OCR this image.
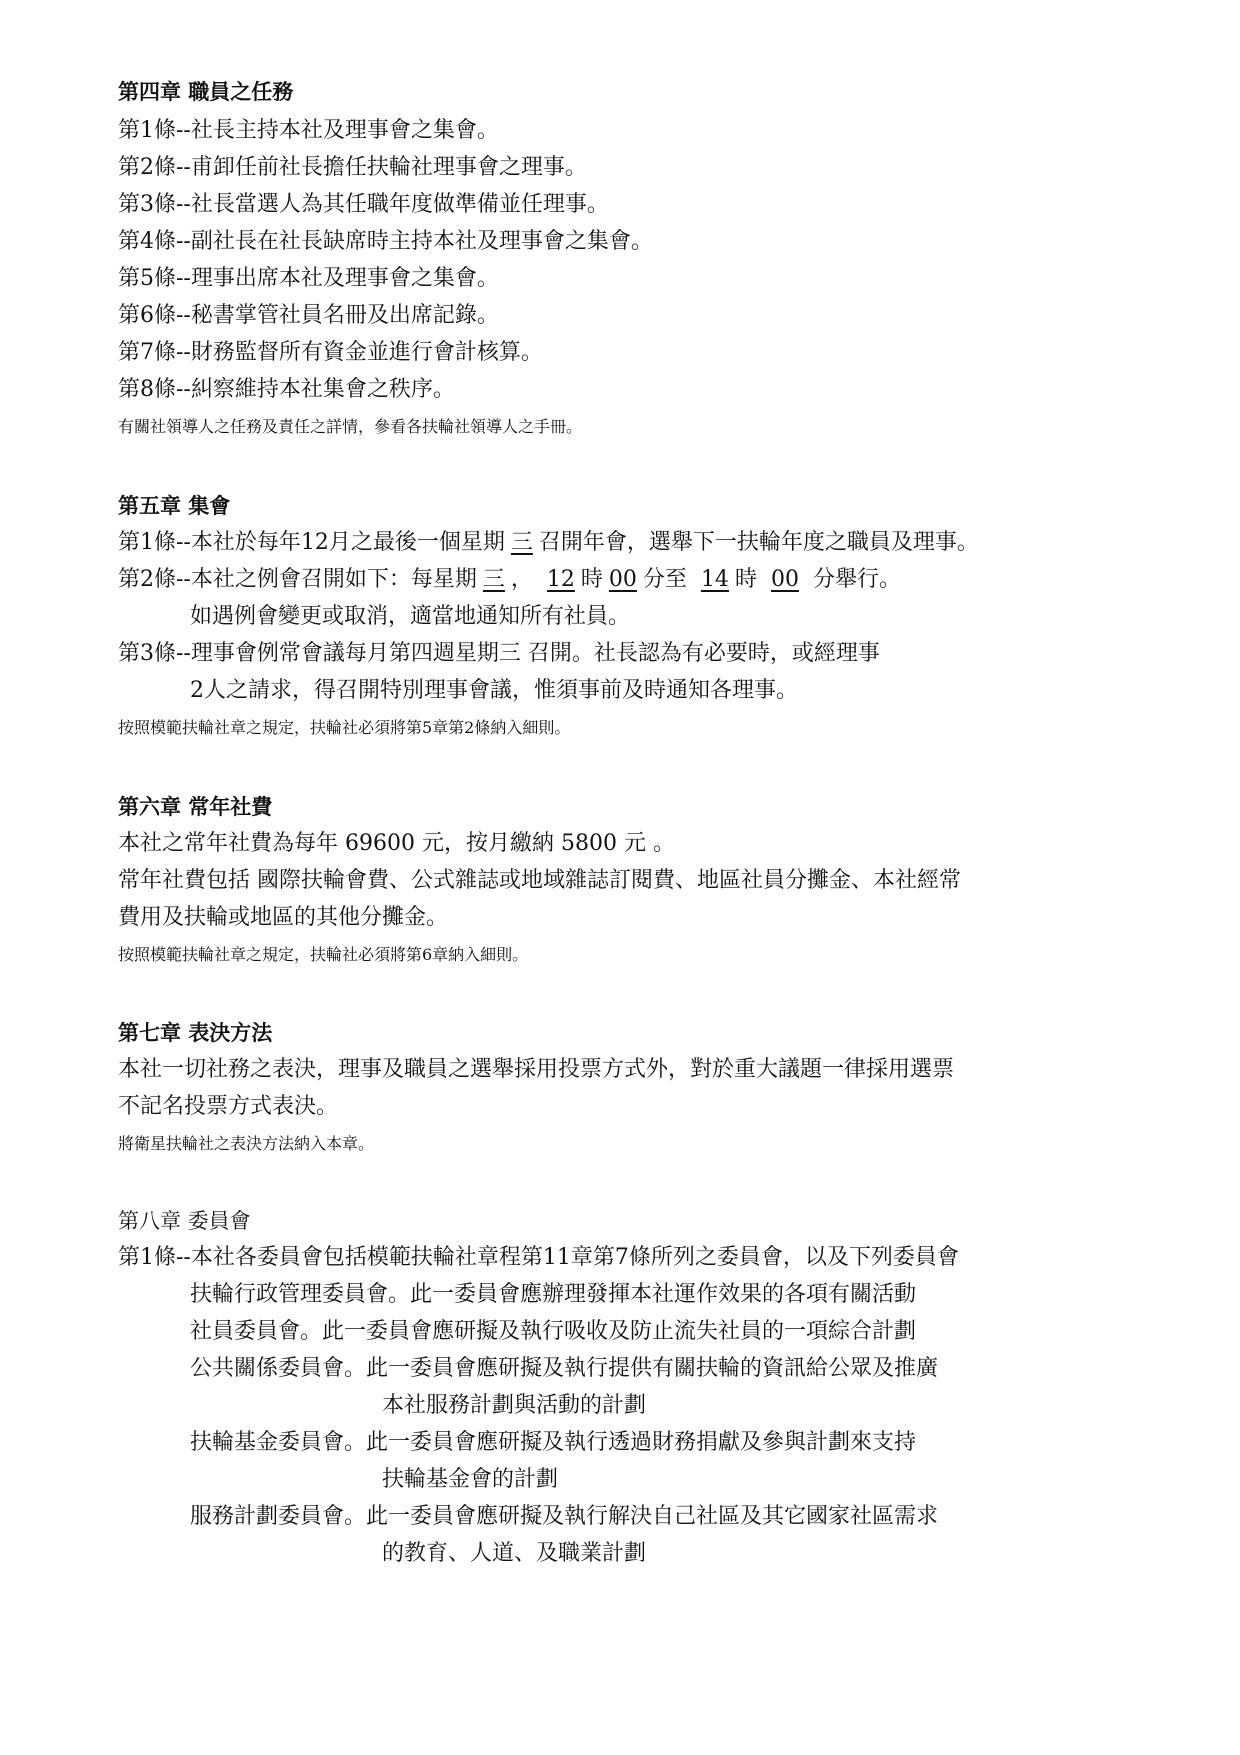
第四章 職員之任務
第1條--社長主持本社及理事會之集會。
第2條--甫卸任前社長擔任扶輪社理事會之理事。
第3條--社長當選人為其任職年度做準備並任理事。
第4條--副社長在社長缺席時主持本社及理事會之集會。
第5條--理事出席本社及理事會之集會。
第6條--秘書掌管社員名冊及出席記錄。
第7條--財務監督所有資金並進行會計核算。
第8條--糾察維持本社集會之秩序。
有關社領導人之任務及責任之詳情，參看各扶輪社領導人之手冊。
第五章 集會
第1條--本社於每年12月之最後一個星期 三 召開年會，選舉下一扶輪年度之職員及理事。
第2條--本社之例會召開如下：每星期 三 ， 12 時 00 分至 14 時 00 分舉行。
如遇例會變更或取消，適當地通知所有社員。
第3條--理事會例常會議每月第四週星期三 召開。社長認為有必要時，或經理事
2人之請求，得召開特別理事會議，惟須事前及時通知各理事。
按照模範扶輪社章之規定，扶輪社必須將第5章第2條納入細則。
第六章 常年社費
本社之常年社費為每年 69600 元，按月繳納 5800 元 。
常年社費包括 國際扶輪會費、公式雜誌或地域雜誌訂閱費、地區社員分攤金、本社經常
費用及扶輪或地區的其他分攤金。
按照模範扶輪社章之規定，扶輪社必須將第6章納入細則。
第七章 表決方法
本社一切社務之表決，理事及職員之選舉採用投票方式外，對於重大議題一律採用選票
不記名投票方式表決。
將衛星扶輪社之表決方法納入本章。
第八章 委員會
第1條--本社各委員會包括模範扶輪社章程第11章第7條所列之委員會，以及下列委員會
扶輪行政管理委員會。此一委員會應辦理發揮本社運作效果的各項有關活動
社員委員會。此一委員會應研擬及執行吸收及防止流失社員的一項綜合計劃
公共關係委員會。此一委員會應研擬及執行提供有關扶輪的資訊給公眾及推廣
本社服務計劃與活動的計劃
扶輪基金委員會。此一委員會應研擬及執行透過財務捐獻及參與計劃來支持
扶輪基金會的計劃
服務計劃委員會。此一委員會應研擬及執行解決自己社區及其它國家社區需求
的教育、人道、及職業計劃
